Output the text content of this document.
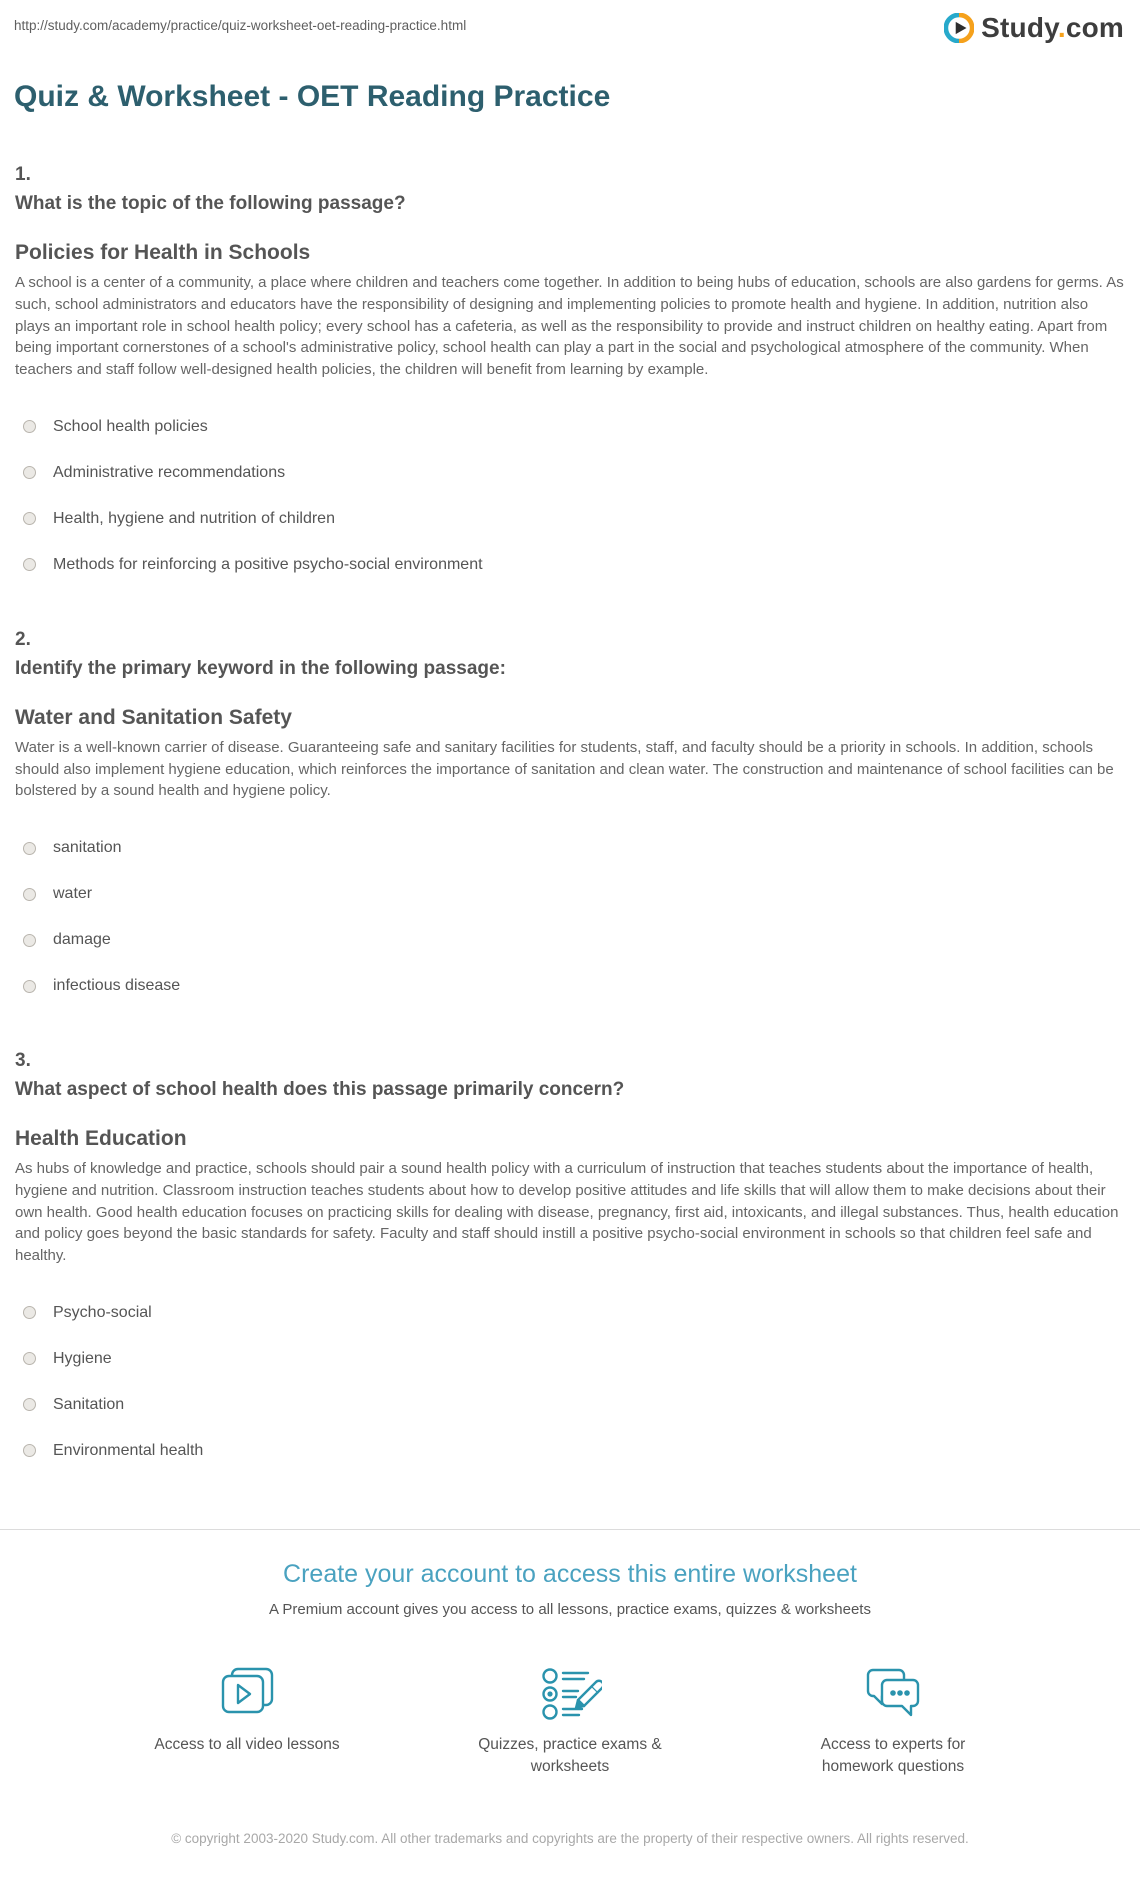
http://study.com/academy/practice/quiz-worksheet-oet-reading-practice.html	Study.com
Quiz & Worksheet - OET Reading Practice
1.
What is the topic of the following passage?
Policies for Health in Schools
A school is a center of a community, a place where children and teachers come together. In addition to being hubs of education, schools are also gardens for germs. As such, school administrators and educators have the responsibility of designing and implementing policies to promote health and hygiene. In addition, nutrition also plays an important role in school health policy; every school has a cafeteria, as well as the responsibility to provide and instruct children on healthy eating. Apart from being important cornerstones of a school's administrative policy, school health can play a part in the social and psychological atmosphere of the community. When teachers and staff follow well-designed health policies, the children will benefit from learning by example.
School health policies
Administrative recommendations
Health, hygiene and nutrition of children
Methods for reinforcing a positive psycho-social environment
2.
Identify the primary keyword in the following passage:
Water and Sanitation Safety
Water is a well-known carrier of disease. Guaranteeing safe and sanitary facilities for students, staff, and faculty should be a priority in schools. In addition, schools should also implement hygiene education, which reinforces the importance of sanitation and clean water. The construction and maintenance of school facilities can be bolstered by a sound health and hygiene policy.
sanitation
water
damage
infectious disease
3.
What aspect of school health does this passage primarily concern?
Health Education
As hubs of knowledge and practice, schools should pair a sound health policy with a curriculum of instruction that teaches students about the importance of health, hygiene and nutrition. Classroom instruction teaches students about how to develop positive attitudes and life skills that will allow them to make decisions about their own health. Good health education focuses on practicing skills for dealing with disease, pregnancy, first aid, intoxicants, and illegal substances. Thus, health education and policy goes beyond the basic standards for safety. Faculty and staff should instill a positive psycho-social environment in schools so that children feel safe and healthy.
Psycho-social
Hygiene
Sanitation
Environmental health
Create your account to access this entire worksheet
A Premium account gives you access to all lessons, practice exams, quizzes & worksheets
Access to all video lessons	Quizzes, practice exams & worksheets
Access to experts for homework questions
© copyright 2003-2020 Study.com. All other trademarks and copyrights are the property of their respective owners. All rights reserved.
